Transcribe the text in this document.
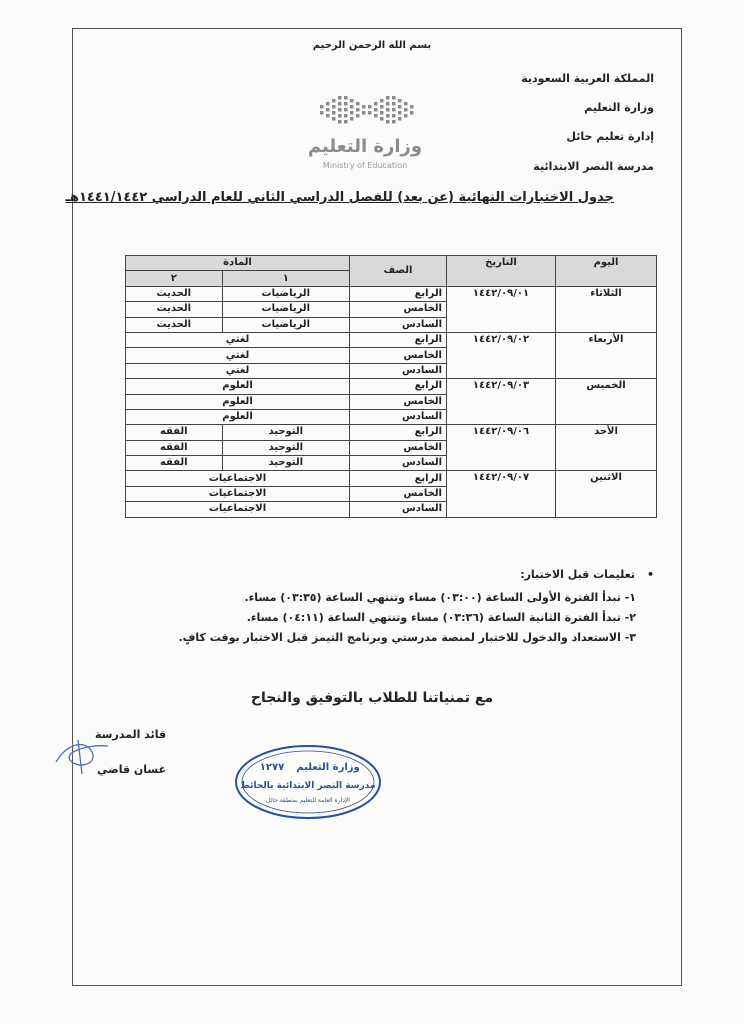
بسم الله الرحمن الرحيم
المملكة العربية السعودية
وزارة التعليم
إدارة تعليم حائل
مدرسة النصر الابتدائية
وزارة التعليم
Ministry of Education
جدول الاختبارات النهائية (عن بعد) للفصل الدراسي الثاني للعام الدراسي ١٤٤١/١٤٤٢هـ
اليوم	التاريخ	الصف	المادة	
			١	٢
الثلاثاء	١٤٤٢/٠٩/٠١	الرابع	الرياضيات	الحديث
		الخامس	الرياضيات	الحديث
		السادس	الرياضيات	الحديث
الأربعاء	١٤٤٢/٠٩/٠٢	الرابع	لغتي	
		الخامس	لغتي	
		السادس	لغتي	
الخميس	١٤٤٢/٠٩/٠٣	الرابع	العلوم	
		الخامس	العلوم	
		السادس	العلوم	
الأحد	١٤٤٢/٠٩/٠٦	الرابع	التوحيد	الفقه
		الخامس	التوحيد	الفقه
		السادس	التوحيد	الفقه
الاثنين	١٤٤٢/٠٩/٠٧	الرابع	الاجتماعيات	
		الخامس	الاجتماعيات	
		السادس	الاجتماعيات	
• تعليمات قبل الاختبار:
١- تبدأ الفترة الأولى الساعة (٠٣:٠٠) مساء وتنتهي الساعة (٠٣:٣٥) مساء.
٢- تبدأ الفترة الثانية الساعة (٠٣:٣٦) مساء وتنتهي الساعة (٠٤:١١) مساء.
٣- الاستعداد والدخول للاختبار لمنصة مدرستي وبرنامج التيمز قبل الاختبار بوقت كافٍ.
مع تمنياتنا للطلاب بالتوفيق والنجاح
قائد المدرسة
غسان قاضي	وزارة التعليم
١٢٧٧
مدرسة النصر الابتدائية بالحائط
الإدارة العامة للتعليم بمنطقة حائل
